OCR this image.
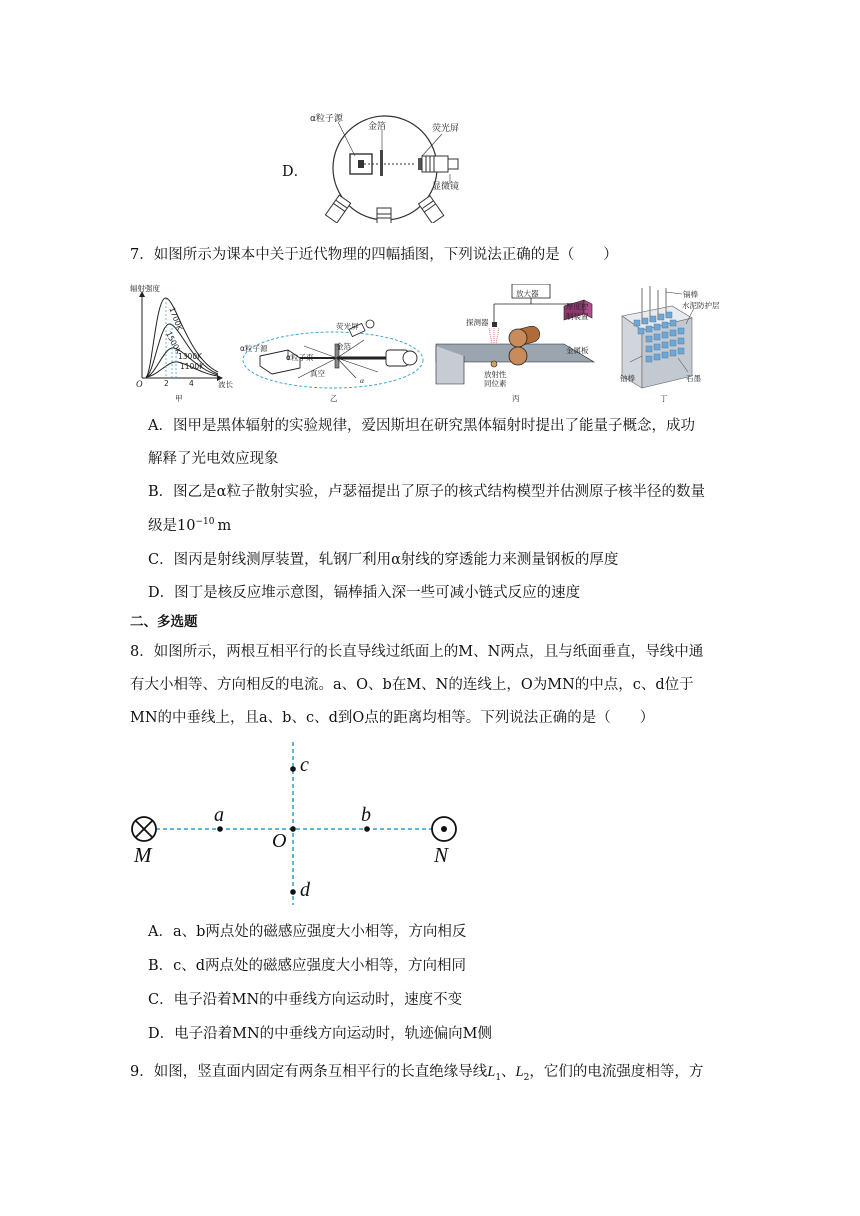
D．
α粒子源
金箔	荧光屏
显微镜
7．如图所示为课本中关于近代物理的四幅插图，下列说法正确的是（　　）
辐射强度
1700K
1500K
1300K
1100K
O	2	4	波长
甲
荧光屏
金箔
α粒子源
α粒子束
真空
α
乙
放大器
探测器
厚度控
制装置
金属板
放射性
同位素
丙
镉棒
水泥防护层
铀棒	石墨
丁
A．图甲是黑体辐射的实验规律，爱因斯坦在研究黑体辐射时提出了能量子概念，成功
解释了光电效应现象
B．图乙是α粒子散射实验，卢瑟福提出了原子的核式结构模型并估测原子核半径的数量
级是$10^{-10}$ m
C．图丙是射线测厚装置，轧钢厂利用α射线的穿透能力来测量钢板的厚度
D．图丁是核反应堆示意图，镉棒插入深一些可减小链式反应的速度
二、多选题
8．如图所示，两根互相平行的长直导线过纸面上的M、N两点，且与纸面垂直，导线中通
有大小相等、方向相反的电流。a、O、b在M、N的连线上，O为MN的中点，c、d位于
MN的中垂线上，且a、b、c、d到O点的距离均相等。下列说法正确的是（　　）
c
a	b
O
M	N
d
A．a、b两点处的磁感应强度大小相等，方向相反
B．c、d两点处的磁感应强度大小相等，方向相同
C．电子沿着MN的中垂线方向运动时，速度不变
D．电子沿着MN的中垂线方向运动时，轨迹偏向M侧
9．如图，竖直面内固定有两条互相平行的长直绝缘导线$L_1$、$L_2$，它们的电流强度相等，方
